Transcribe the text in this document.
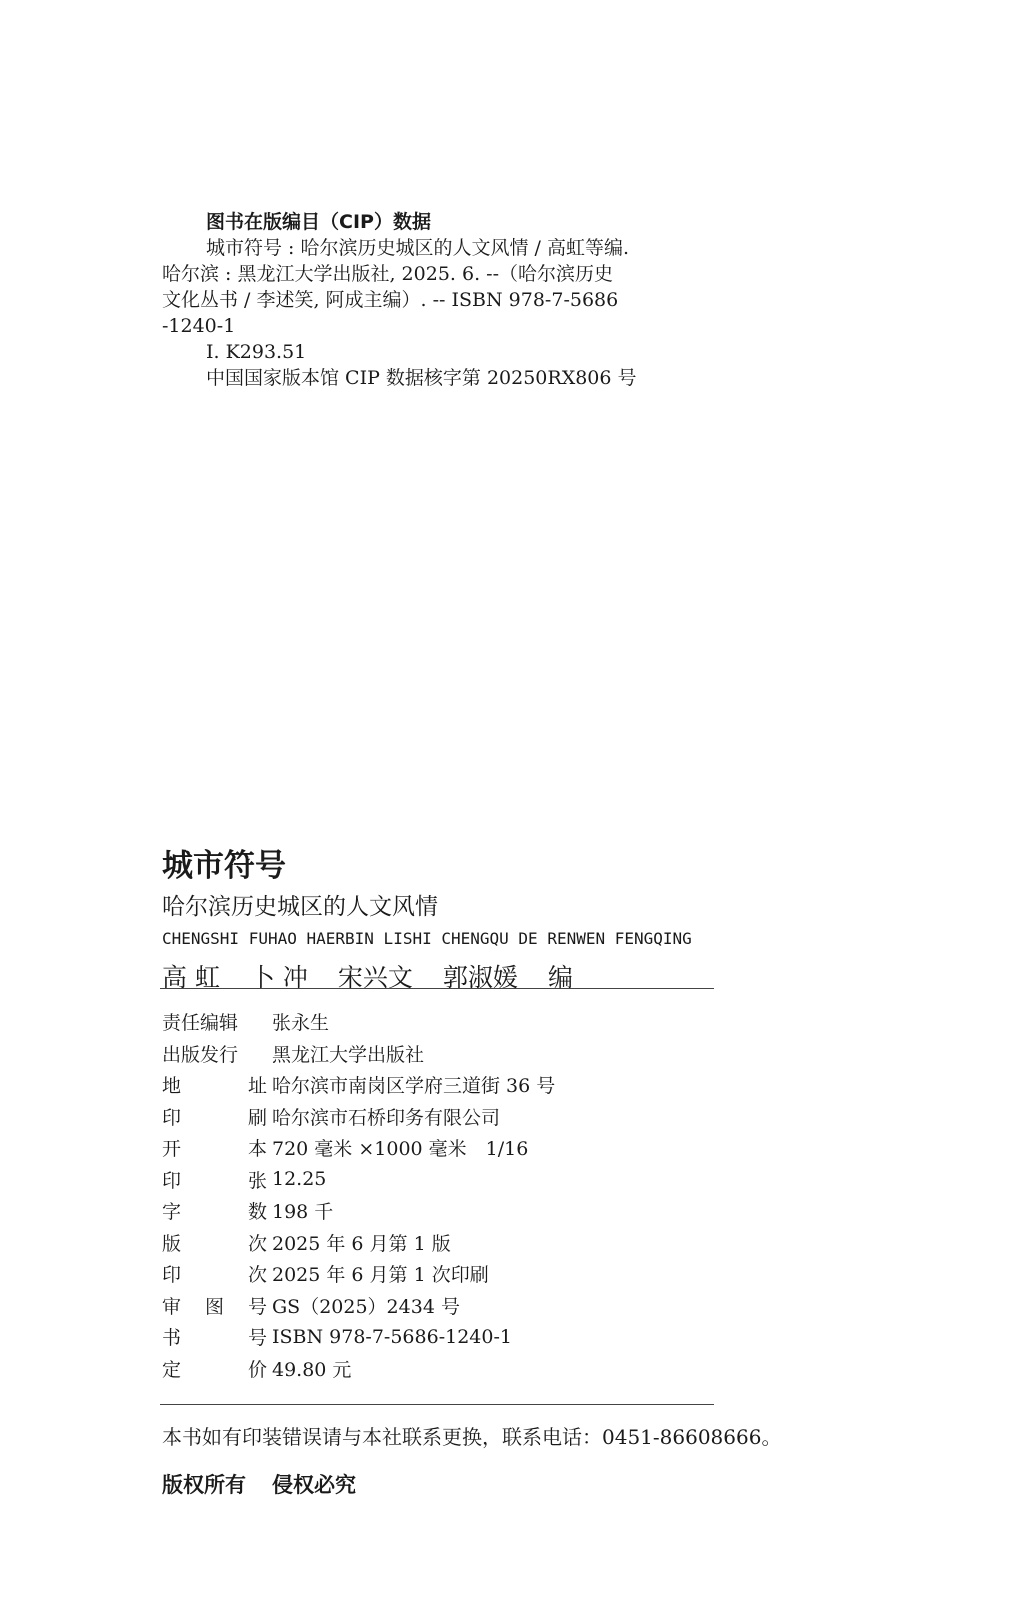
图书在版编目（CIP）数据

城市符号 : 哈尔滨历史城区的人文风情 / 高虹等编.

哈尔滨 : 黑龙江大学出版社, 2025. 6. --（哈尔滨历史

文化丛书 / 李述笑, 阿成主编）. -- ISBN 978-7-5686

-1240-1

Ⅰ. K293.51

中国国家版本馆 CIP 数据核字第 20250RX806 号

城市符号
哈尔滨历史城区的人文风情
CHENGSHI FUHAO HAERBIN LISHI CHENGQU DE RENWEN FENGQING
高 虹 卜 冲 宋兴文 郭淑媛 编
责任编辑 张永生
出版发行 黑龙江大学出版社
地	址 哈尔滨市南岗区学府三道街 36 号
印	刷 哈尔滨市石桥印务有限公司
开	本 720 毫米 ×1000 毫米　1/16
印	张 12.25
字	数 198 千
版	次 2025 年 6 月第 1 版
印	次 2025 年 6 月第 1 次印刷
审 图 号 GS（2025）2434 号
书	号 ISBN 978-7-5686-1240-1
定	价 49.80 元
本书如有印装错误请与本社联系更换，联系电话：0451-86608666。
版权所有 侵权必究
